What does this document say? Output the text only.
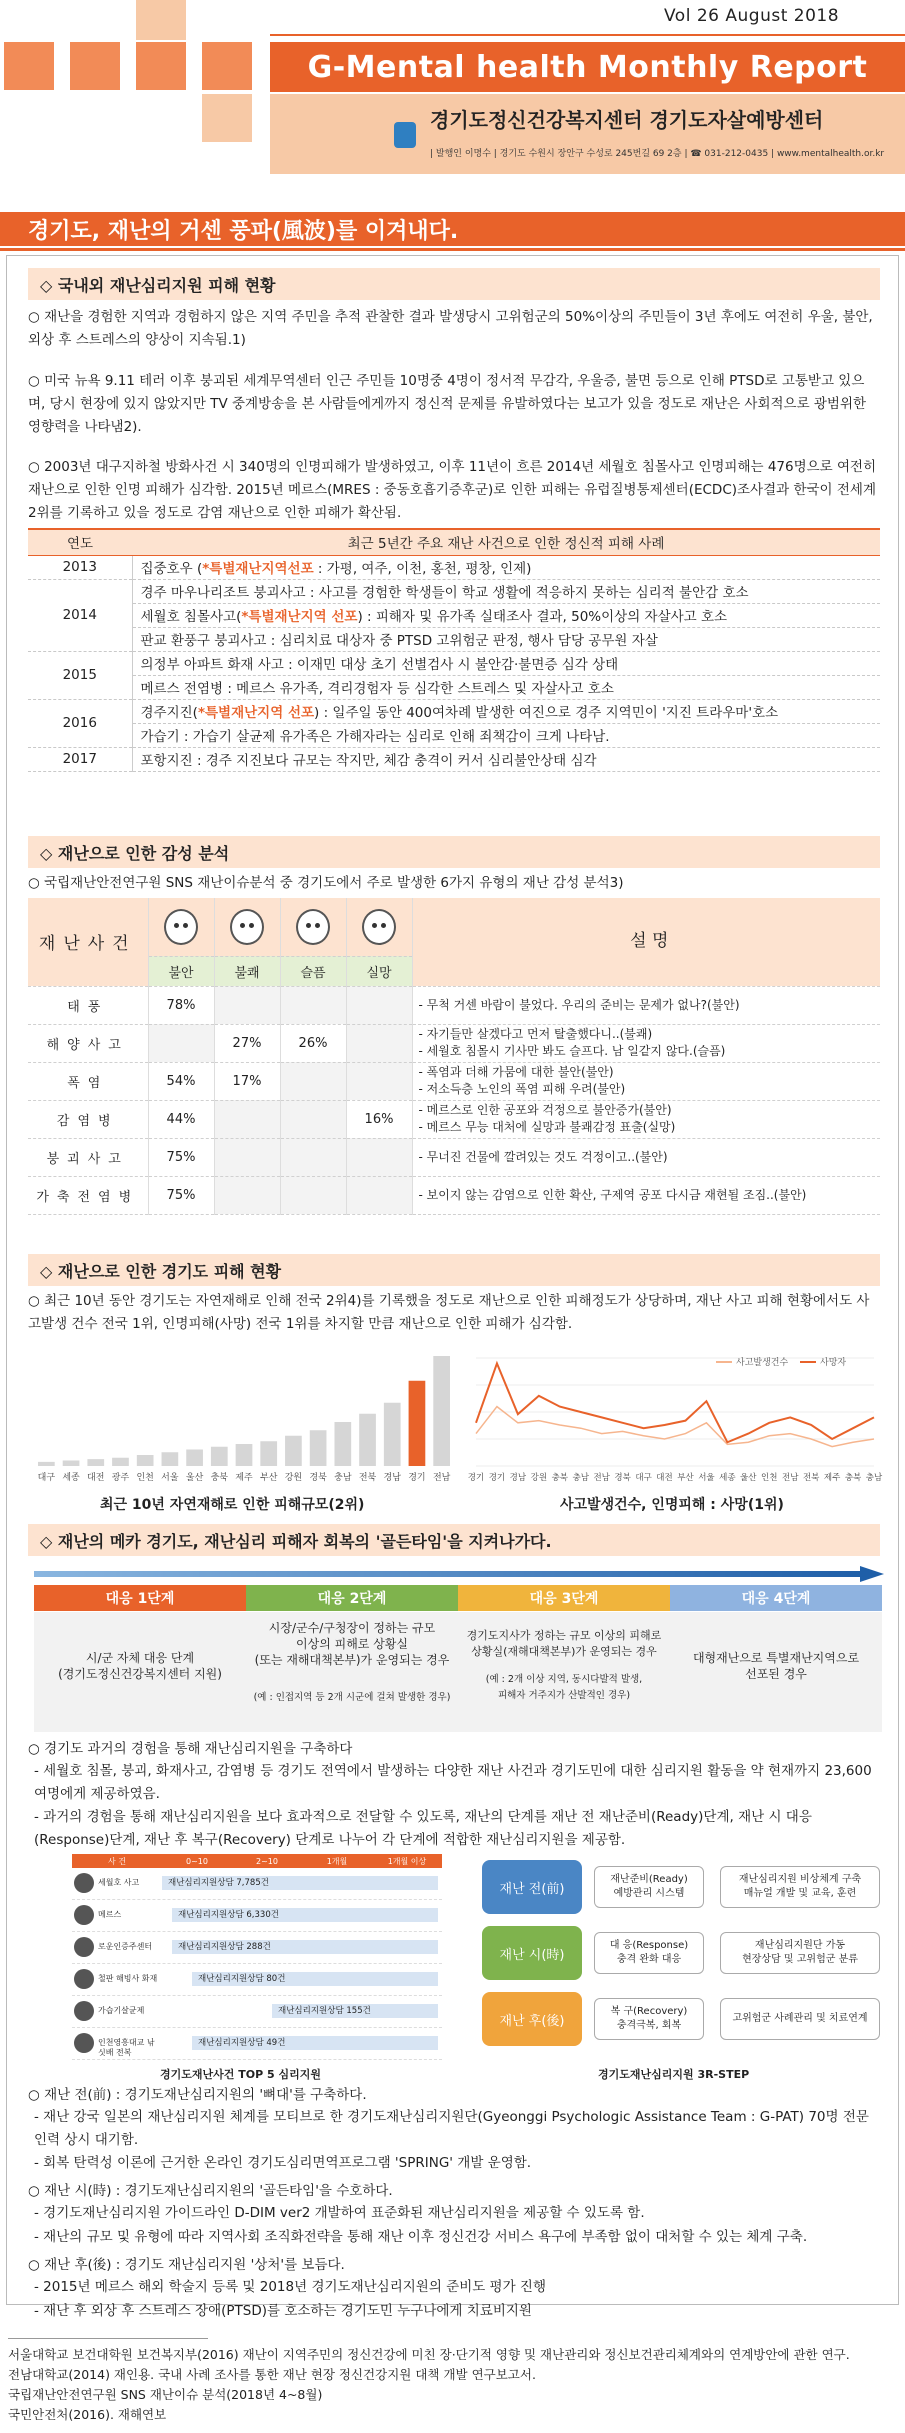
Vol 26 August 2018
G-Mental health Monthly Report
경기도정신건강복지센터 경기도자살예방센터
| 발행인 이명수 | 경기도 수원시 장안구 수성로 245번길 69 2층 | ☎ 031-212-0435 | www.mentalhealth.or.kr
경기도, 재난의 거센 풍파(風波)를 이겨내다.
◇ 국내외 재난심리지원 피해 현황
○ 재난을 경험한 지역과 경험하지 않은 지역 주민을 추적 관찰한 결과 발생당시 고위험군의 50%이상의 주민들이 3년 후에도 여전히 우울, 불안, 외상 후 스트레스의 양상이 지속됨.1)
○ 미국 뉴욕 9.11 테러 이후 붕괴된 세계무역센터 인근 주민들 10명중 4명이 정서적 무감각, 우울증, 불면 등으로 인해 PTSD로 고통받고 있으며, 당시 현장에 있지 않았지만 TV 중계방송을 본 사람들에게까지 정신적 문제를 유발하였다는 보고가 있을 정도로 재난은 사회적으로 광범위한 영향력을 나타냄2).
○ 2003년 대구지하철 방화사건 시 340명의 인명피해가 발생하였고, 이후 11년이 흐른 2014년 세월호 침몰사고 인명피해는 476명으로 여전히 재난으로 인한 인명 피해가 심각함. 2015년 메르스(MRES : 중동호흡기증후군)로 인한 피해는 유럽질병통제센터(ECDC)조사결과 한국이 전세계 2위를 기록하고 있을 정도로 감염 재난으로 인한 피해가 확산됨.
연도	최근 5년간 주요 재난 사건으로 인한 정신적 피해 사례
2013	집중호우 (*특별재난지역선포 : 가평, 여주, 이천, 홍천, 평창, 인제)
2014	경주 마우나리조트 붕괴사고 : 사고를 경험한 학생들이 학교 생활에 적응하지 못하는 심리적 불안감 호소
	세월호 침몰사고(*특별재난지역 선포) : 피해자 및 유가족 실태조사 결과, 50%이상의 자살사고 호소
	판교 환풍구 붕괴사고 : 심리치료 대상자 중 PTSD 고위험군 판정, 행사 담당 공무원 자살
2015	의정부 아파트 화재 사고 : 이재민 대상 초기 선별검사 시 불안감·불면증 심각 상태
	메르스 전염병 : 메르스 유가족, 격리경험자 등 심각한 스트레스 및 자살사고 호소
2016	경주지진(*특별재난지역 선포) : 일주일 동안 400여차례 발생한 여진으로 경주 지역민이 '지진 트라우마'호소
	가습기 : 가습기 살균제 유가족은 가해자라는 심리로 인해 죄책감이 크게 나타남.
2017	포항지진 : 경주 지진보다 규모는 작지만, 체감 충격이 커서 심리불안상태 심각
◇ 재난으로 인한 감성 분석
○ 국립재난안전연구원 SNS 재난이슈분석 중 경기도에서 주로 발생한 6가지 유형의 재난 감성 분석3)
재난사건					설 명
	불안	불쾌	슬픔	실망	
태풍	78%				- 무척 거센 바람이 불었다. 우리의 준비는 문제가 없나?(불안)

해양사고		27%	26%		- 자기들만 살겠다고 먼저 탈출했다니..(불쾌)
- 세월호 침몰시 기사만 봐도 슬프다. 남 일같지 않다.(슬픔)

폭염	54%	17%			- 폭염과 더해 가뭄에 대한 불안(불안)
- 저소득층 노인의 폭염 피해 우려(불안)

감염병	44%			16%	- 메르스로 인한 공포와 걱정으로 불안증가(불안)
- 메르스 무능 대처에 실망과 불쾌감정 표출(실망)

붕괴사고	75%				- 무너진 건물에 깔려있는 것도 걱정이고..(불안)

가축전염병	75%				- 보이지 않는 감염으로 인한 확산, 구제역 공포 다시금 재현될 조짐..(불안)
◇ 재난으로 인한 경기도 피해 현황
○ 최근 10년 동안 경기도는 자연재해로 인해 전국 2위4)를 기록했을 정도로 재난으로 인한 피해정도가 상당하며, 재난 사고 피해 현황에서도 사고발생 건수 전국 1위, 인명피해(사망) 전국 1위를 차지할 만큼 재난으로 인한 피해가 심각함.
대구 세종 대전 광주 인천 서울 울산 충북 제주 부산 강원 경북 충남 전북 경남 경기 전남
최근 10년 자연재해로 인한 피해규모(2위)
경기 경기 경남 강원 충북 충남 전남 경북 대구 대전 부산 서울 세종 울산 인천 전남 전북 제주 충북 충남
사고발생건수	사망자
사고발생건수, 인명피해 : 사망(1위)
◇ 재난의 메카 경기도, 재난심리 피해자 회복의 '골든타임'을 지켜나가다.
대응 1단계	대응 2단계	대응 3단계	대응 4단계
시/군 자체 대응 단계
(경기도정신건강복지센터 지원)
시장/군수/구청장이 정하는 규모
이상의 피해로 상황실
(또는 재해대책본부)가 운영되는 경우
(예 : 인접지역 등 2개 시군에 걸쳐 발생한 경우)
경기도지사가 정하는 규모 이상의 피해로
상황실(재해대책본부)가 운영되는 경우
(예 : 2개 이상 지역, 동시다발적 발생,
피해자 거주지가 산발적인 경우)
대형재난으로 특별재난지역으로
선포된 경우
○ 경기도 과거의 경험을 통해 재난심리지원을 구축하다
- 세월호 침몰, 붕괴, 화재사고, 감염병 등 경기도 전역에서 발생하는 다양한 재난 사건과 경기도민에 대한 심리지원 활동을 약 현재까지 23,600여명에게 제공하였음.
- 과거의 경험을 통해 재난심리지원을 보다 효과적으로 전달할 수 있도록, 재난의 단계를 재난 전 재난준비(Ready)단계, 재난 시 대응(Response)단계, 재난 후 복구(Recovery) 단계로 나누어 각 단계에 적합한 재난심리지원을 제공함.
사 건	0~10	2~10	1개월	1개월 이상
세월호 사고	재난심리지원상담 7,785건
메르스	재난심리지원상담 6,330건
로운인증주센터	재난심리지원상담 288건
철판 해빙사 화재	재난심리지원상담 80건
가습기살균제	재난심리지원상담 155건
인천영흥대교 낚싯배 전복
재난심리지원상담 49건
경기도재난사건 TOP 5 심리지원
재난 전(前)
재난준비(Ready)
예방관리 시스템
재난심리지원 비상체계 구축
매뉴얼 개발 및 교육, 훈련
재난 시(時)
대 응(Response)
충격 완화 대응
재난심리지원단 가동
현장상담 및 고위험군 분류
재난 후(後)
복 구(Recovery)
충격극복, 회복
고위험군 사례관리 및 치료연계
경기도재난심리지원 3R-STEP
○ 재난 전(前) : 경기도재난심리지원의 '뼈대'를 구축하다.
- 재난 강국 일본의 재난심리지원 체계를 모티브로 한 경기도재난심리지원단(Gyeonggi Psychologic Assistance Team : G-PAT) 70명 전문인력 상시 대기함.
- 회복 탄력성 이론에 근거한 온라인 경기도심리면역프로그램 'SPRING' 개발 운영함.
○ 재난 시(時) : 경기도재난심리지원의 '골든타임'을 수호하다.
- 경기도재난심리지원 가이드라인 D-DIM ver2 개발하여 표준화된 재난심리지원을 제공할 수 있도록 함.
- 재난의 규모 및 유형에 따라 지역사회 조직화전략을 통해 재난 이후 정신건강 서비스 욕구에 부족함 없이 대처할 수 있는 체계 구축.
○ 재난 후(後) : 경기도 재난심리지원 '상처'를 보듬다.
- 2015년 메르스 해외 학술지 등록 및 2018년 경기도재난심리지원의 준비도 평가 진행
- 재난 후 외상 후 스트레스 장애(PTSD)를 호소하는 경기도민 누구나에게 치료비지원
서울대학교 보건대학원 보건복지부(2016) 재난이 지역주민의 정신건강에 미친 장·단기적 영향 및 재난관리와 정신보건관리체계와의 연계방안에 관한 연구.
전남대학교(2014) 재인용. 국내 사례 조사를 통한 재난 현장 정신건강지원 대책 개발 연구보고서.
국립재난안전연구원 SNS 재난이슈 분석(2018년 4~8월)
국민안전처(2016). 재해연보
